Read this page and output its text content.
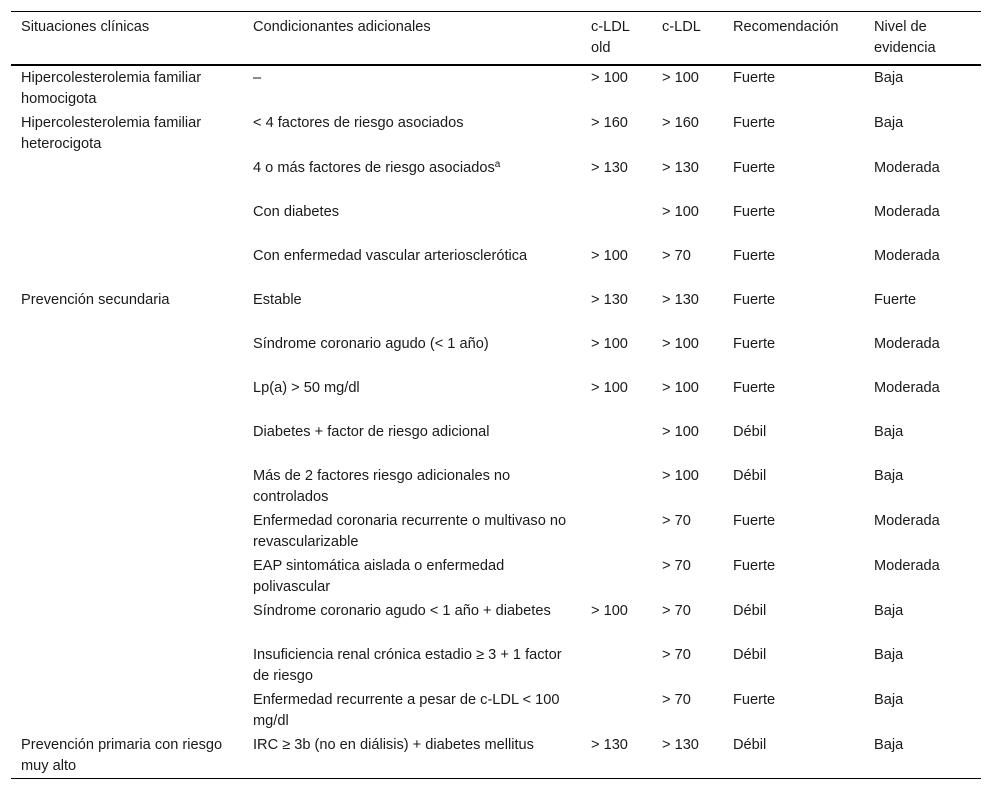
Situaciones clínicas	Condicionantes adicionales	c-LDL old	c-LDL	Recomendación	Nivel de evidencia
Hipercolesterolemia familiar homocigota	–	> 100	> 100	Fuerte	Baja
Hipercolesterolemia familiar heterocigota	< 4 factores de riesgo asociados	> 160	> 160	Fuerte	Baja
	4 o más factores de riesgo asociados$^a$	> 130	> 130	Fuerte	Moderada
	Con diabetes		> 100	Fuerte	Moderada
	Con enfermedad vascular arteriosclerótica	> 100	> 70	Fuerte	Moderada
Prevención secundaria	Estable	> 130	> 130	Fuerte	Fuerte
	Síndrome coronario agudo (< 1 año)	> 100	> 100	Fuerte	Moderada
	Lp(a) > 50 mg/dl	> 100	> 100	Fuerte	Moderada
	Diabetes + factor de riesgo adicional		> 100	Débil	Baja
	Más de 2 factores riesgo adicionales no controlados		> 100	Débil	Baja
	Enfermedad coronaria recurrente o multivaso no revascularizable		> 70	Fuerte	Moderada
	EAP sintomática aislada o enfermedad polivascular		> 70	Fuerte	Moderada
	Síndrome coronario agudo < 1 año + diabetes	> 100	> 70	Débil	Baja
	Insuficiencia renal crónica estadio ≥ 3 + 1 factor de riesgo		> 70	Débil	Baja
	Enfermedad recurrente a pesar de c-LDL < 100 mg/dl		> 70	Fuerte	Baja
Prevención primaria con riesgo muy alto	IRC ≥ 3b (no en diálisis) + diabetes mellitus	> 130	> 130	Débil	Baja
